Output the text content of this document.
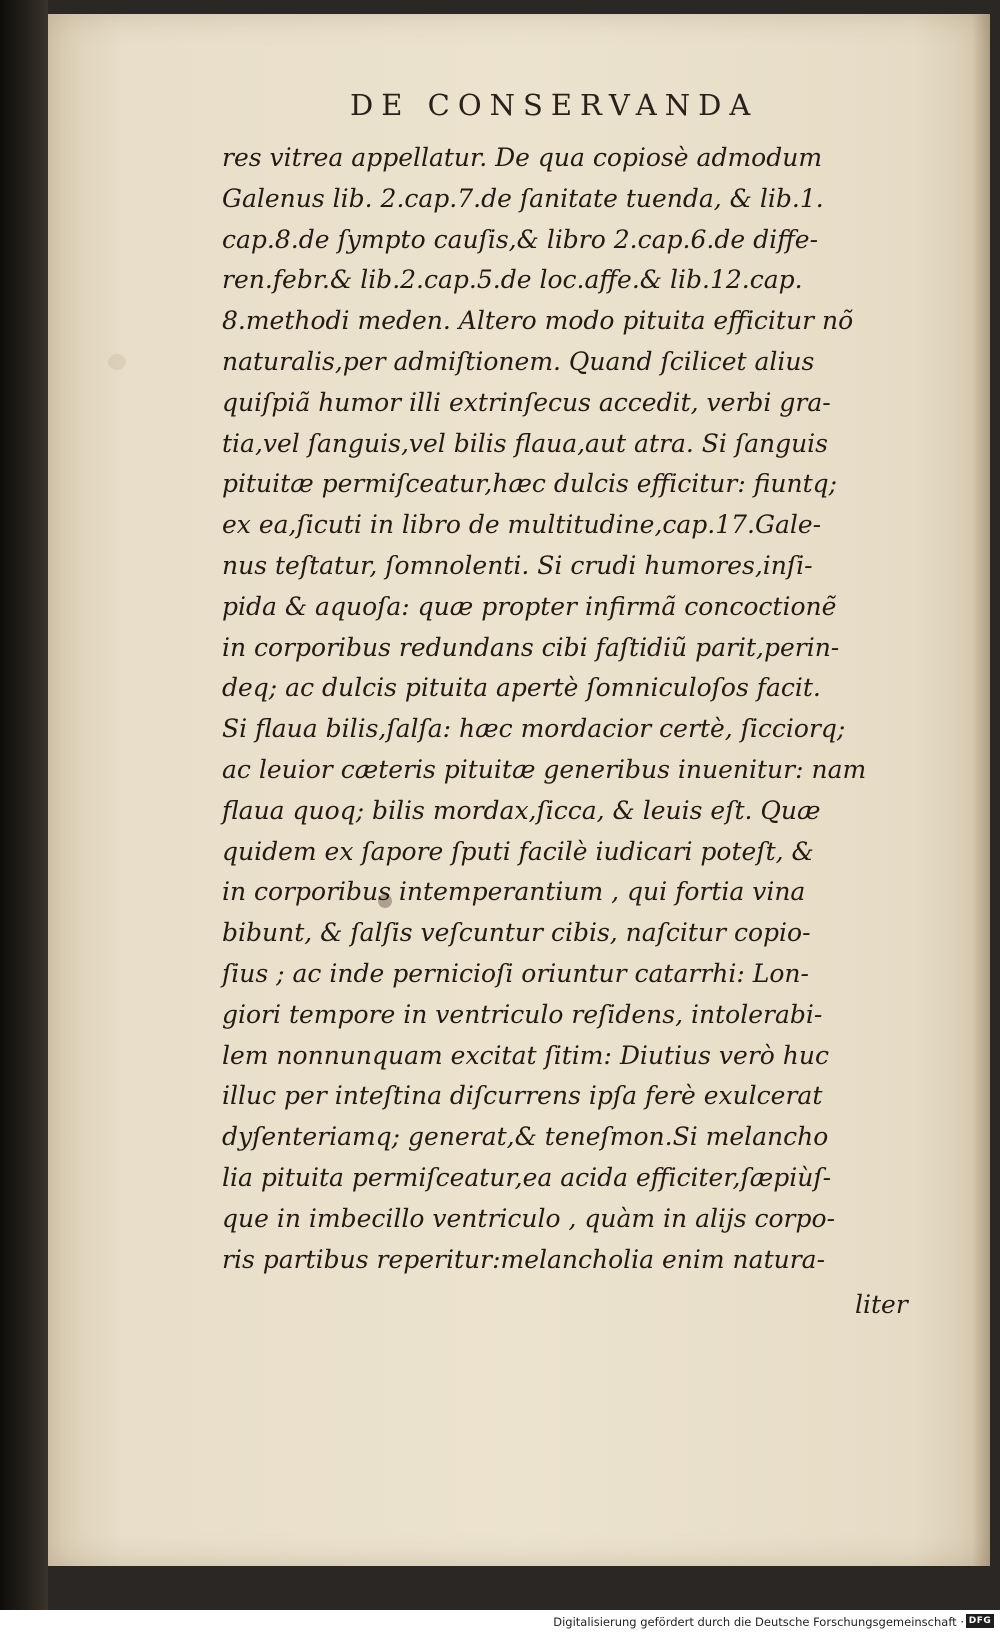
DE CONSERVANDA
res vitrea appellatur. De qua copiosè admodum
Galenus lib. 2.cap.7.de ſanitate tuenda, & lib.1.
cap.8.de ſympto cauſis,& libro 2.cap.6.de diffe-
ren.febr.& lib.2.cap.5.de loc.affe.& lib.12.cap.
8.methodi meden. Altero modo pituita efficitur nõ
naturalis,per admiſtionem. Quand ſcilicet alius
quiſpiã humor illi extrinſecus accedit, verbi gra-
tia,vel ſanguis,vel bilis flaua,aut atra. Si ſanguis
pituitæ permiſceatur,hæc dulcis efficitur: fiuntq;
ex ea,ſicuti in libro de multitudine,cap.17.Gale-
nus teſtatur, ſomnolenti. Si crudi humores,inſi-
pida & aquoſa: quæ propter infirmã concoctionẽ
in corporibus redundans cibi faſtidiũ parit,perin-
deq; ac dulcis pituita apertè ſomniculoſos facit.
Si flaua bilis,ſalſa: hæc mordacior certè, ſicciorq;
ac leuior cæteris pituitæ generibus inuenitur: nam
flaua quoq; bilis mordax,ſicca, & leuis eſt. Quæ
quidem ex ſapore ſputi facilè iudicari poteſt, &
in corporibus intemperantium , qui fortia vina
bibunt, & ſalſis veſcuntur cibis, naſcitur copio-
ſius ; ac inde pernicioſi oriuntur catarrhi: Lon-
giori tempore in ventriculo reſidens, intolerabi-
lem nonnunquam excitat ſitim: Diutius verò huc
illuc per inteſtina diſcurrens ipſa ferè exulcerat
dyſenteriamq; generat,& teneſmon.Si melancho
lia pituita permiſceatur,ea acida efficiter,ſæpiùſ-
que in imbecillo ventriculo , quàm in alijs corpo-
ris partibus reperitur:melancholia enim natura-
liter
Digitalisierung gefördert durch die Deutsche Forschungsgemeinschaft · DFG
